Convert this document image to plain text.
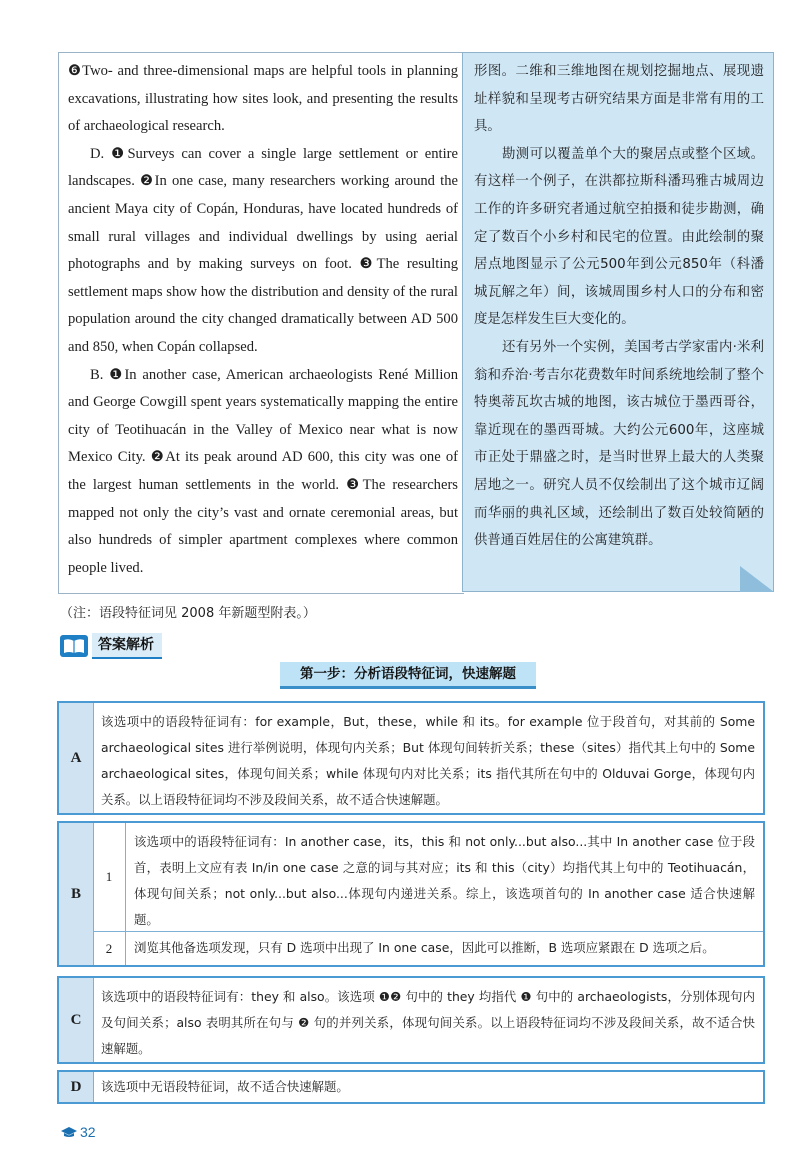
❻Two- and three-dimensional maps are helpful tools in planning excavations, illustrating how sites look, and presenting the results of archaeological research.

D. ❶Surveys can cover a single large settlement or entire landscapes. ❷In one case, many researchers working around the ancient Maya city of Copán, Honduras, have located hundreds of small rural villages and individual dwellings by using aerial photographs and by making surveys on foot. ❸The resulting settlement maps show how the distribution and density of the rural population around the city changed dramatically between AD 500 and 850, when Copán collapsed.

B. ❶In another case, American archaeologists René Million and George Cowgill spent years systematically mapping the entire city of Teotihuacán in the Valley of Mexico near what is now Mexico City. ❷At its peak around AD 600, this city was one of the largest human settlements in the world. ❸The researchers mapped not only the city’s vast and ornate ceremonial areas, but also hundreds of simpler apartment complexes where common people lived.

形图。二维和三维地图在规划挖掘地点、展现遗址样貌和呈现考古研究结果方面是非常有用的工具。

勘测可以覆盖单个大的聚居点或整个区域。有这样一个例子，在洪都拉斯科潘玛雅古城周边工作的许多研究者通过航空拍摄和徒步勘测，确定了数百个小乡村和民宅的位置。由此绘制的聚居点地图显示了公元500年到公元850年（科潘城瓦解之年）间，该城周围乡村人口的分布和密度是怎样发生巨大变化的。

还有另外一个实例，美国考古学家雷内·米利翁和乔治·考吉尔花费数年时间系统地绘制了整个特奥蒂瓦坎古城的地图，该古城位于墨西哥谷，靠近现在的墨西哥城。大约公元600年，这座城市正处于鼎盛之时，是当时世界上最大的人类聚居地之一。研究人员不仅绘制出了这个城市辽阔而华丽的典礼区域，还绘制出了数百处较简陋的供普通百姓居住的公寓建筑群。

（注：语段特征词见 2008 年新题型附表。）
答案解析
第一步：分析语段特征词，快速解题
A
该选项中的语段特征词有：for example，But，these，while 和 its。for example 位于段首句，对其前的 Some archaeological sites 进行举例说明，体现句内关系；But 体现句间转折关系；these（sites）指代其上句中的 Some archaeological sites，体现句间关系；while 体现句内对比关系；its 指代其所在句中的 Olduvai Gorge，体现句内关系。以上语段特征词均不涉及段间关系，故不适合快速解题。
B
1
该选项中的语段特征词有：In another case，its，this 和 not only...but also...其中 In another case 位于段首，表明上文应有表 In/in one case 之意的词与其对应；its 和 this（city）均指代其上句中的 Teotihuacán，体现句间关系；not only...but also...体现句内递进关系。综上，该选项首句的 In another case 适合快速解题。
2	浏览其他备选项发现，只有 D 选项中出现了 In one case，因此可以推断，B 选项应紧跟在 D 选项之后。
C
该选项中的语段特征词有：they 和 also。该选项 ❶❷ 句中的 they 均指代 ❶ 句中的 archaeologists，分别体现句内及句间关系；also 表明其所在句与 ❷ 句的并列关系，体现句间关系。以上语段特征词均不涉及段间关系，故不适合快速解题。
D	该选项中无语段特征词，故不适合快速解题。
32
